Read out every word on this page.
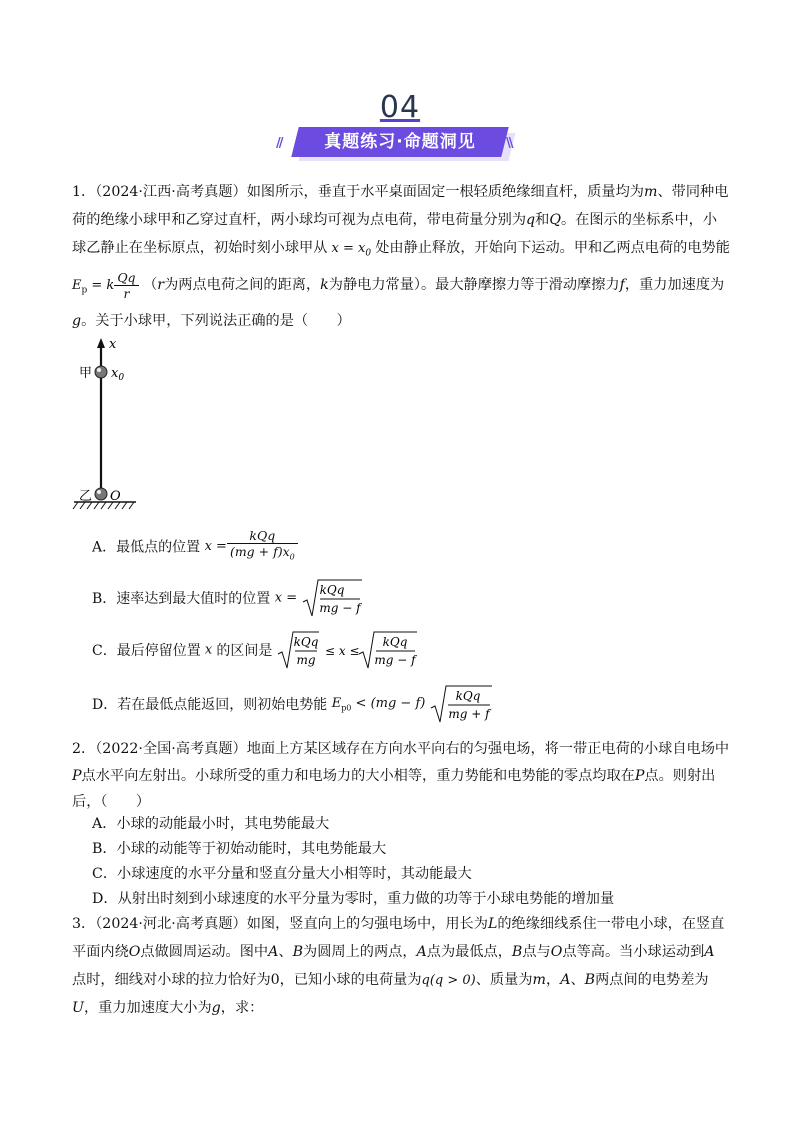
04
//	真题练习·命题洞见	\\
1．（2024·江西·高考真题）如图所示，垂直于水平桌面固定一根轻质绝缘细直杆，质量均为m、带同种电
荷的绝缘小球甲和乙穿过直杆，两小球均可视为点电荷，带电荷量分别为q和Q。在图示的坐标系中，小
球乙静止在坐标原点，初始时刻小球甲从 $x = x_0$ 处由静止释放，开始向下运动。甲和乙两点电荷的电势能
$E_p = k \frac{Qq}{r} (r$为两点电荷之间的距离，k为静电力常量）。最大静摩擦力等于滑动摩擦力f，重力加速度为
g。关于小球甲，下列说法正确的是（　　）
x
甲 $x_0$
乙 O
A．最低点的位置 $x = \frac{\text{kQq}}{(mg + f)x_0}$
B．速率达到最大值时的位置 x =
kQq
mg − f
C．最后停留位置 x 的区间是
kQq
mg
≤ x ≤
kQq
mg − f
D．若在最低点能返回，则初始电势能 $E_{p0} < (mg - f)$	kQq
mg + f
2．（2022·全国·高考真题）地面上方某区域存在方向水平向右的匀强电场，将一带正电荷的小球自电场中
P点水平向左射出。小球所受的重力和电场力的大小相等，重力势能和电势能的零点均取在P点。则射出
后，（　　）
A．小球的动能最小时，其电势能最大
B．小球的动能等于初始动能时，其电势能最大
C．小球速度的水平分量和竖直分量大小相等时，其动能最大
D．从射出时刻到小球速度的水平分量为零时，重力做的功等于小球电势能的增加量
3．（2024·河北·高考真题）如图，竖直向上的匀强电场中，用长为L的绝缘细线系住一带电小球，在竖直
平面内绕O点做圆周运动。图中A、B为圆周上的两点，A点为最低点，B点与O点等高。当小球运动到A
点时，细线对小球的拉力恰好为0，已知小球的电荷量为q(q > 0)、质量为m，A、B两点间的电势差为
U，重力加速度大小为g，求：
